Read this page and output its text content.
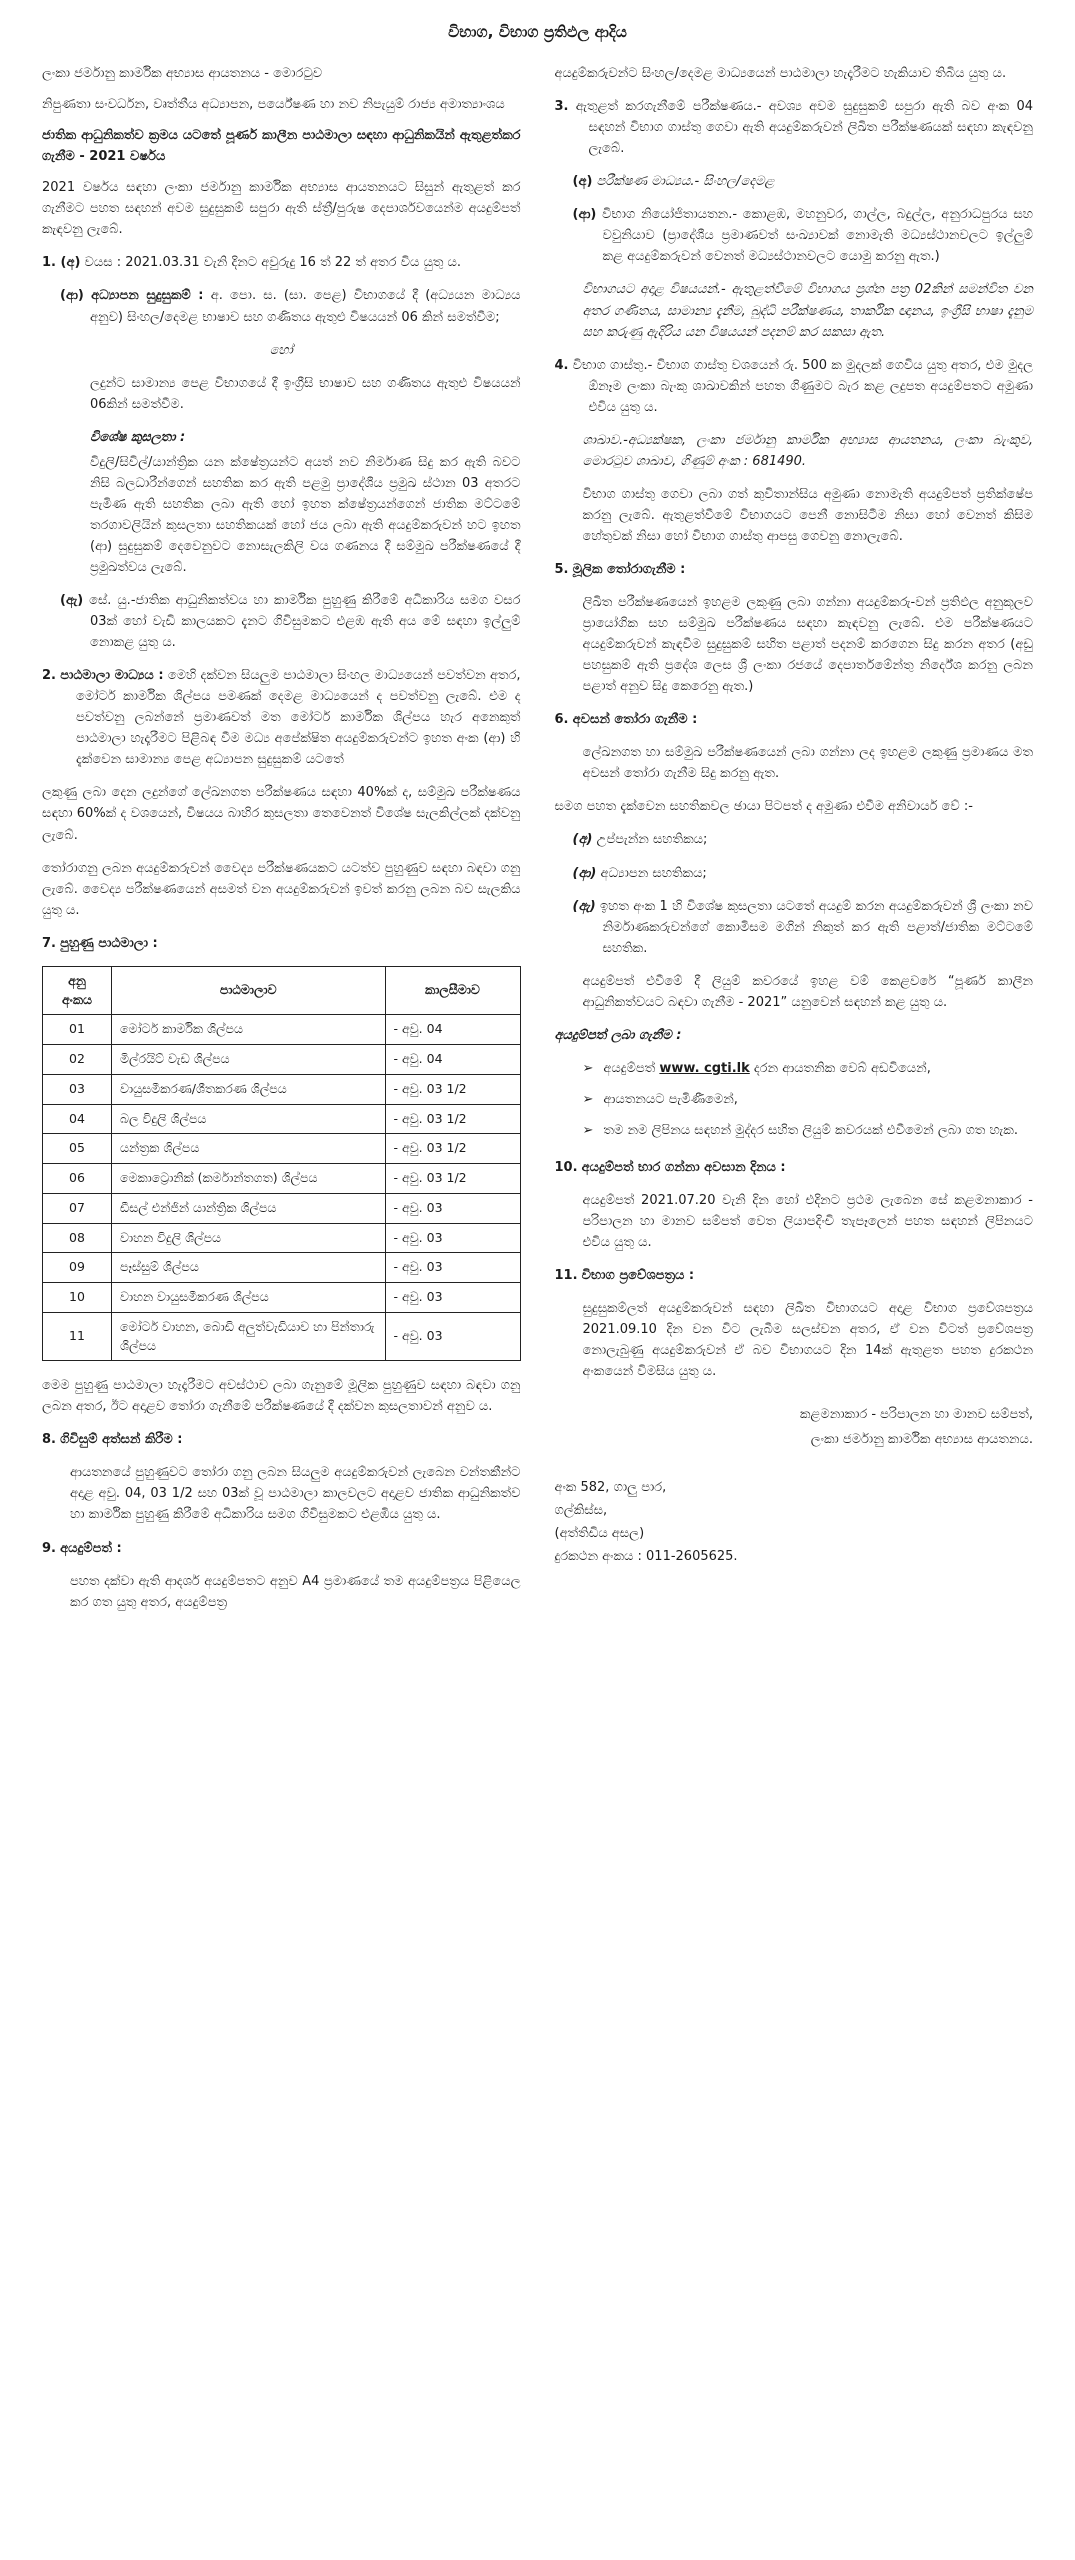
විභාග, විභාග ප්‍රතිඵල ආදිය

ලංකා ජර්මානු කාර්මික අභ්‍යාස ආයතනය - මොරටුව

නිපුණතා සංවර්ධන, වෘත්තීය අධ්‍යාපන, පර්යේෂණ හා නව නිපැයුම් රාජ්‍ය අමාත්‍යාංශය

ජාතික ආධුනිකත්ව ක්‍රමය යටතේ පූර්ණ කාලීන පාඨමාලා සඳහා ආධුනිකයින් ඇතුළත්කර ගැනීම - 2021 වර්ෂය

2021 වර්ෂය සඳහා ලංකා ජර්මානු කාර්මික අභ්‍යාස ආයතනයට සිසුන් ඇතුළත් කර ගැනීමට පහත සඳහන් අවම සුදුසුකම් සපුරා ඇති ස්ත්‍රී/පුරුෂ දෙපාර්ශවයෙන්ම අයදුම්පත් කැඳවනු ලැබේ.

1. (අ) වයස : 2021.03.31 වැනි දිනට අවුරුදු 16 ත් 22 ත් අතර විය යුතු ය.
(ආ) අධ්‍යාපන සුදුසුකම් : අ. පො. ස. (සා. පෙළ) විභාගයේ දී (අධ්‍යයන මාධ්‍යය අනුව) සිංහල/දෙමළ භාෂාව සහ ගණිතය ඇතුළු විෂයයන් 06 කින් සමත්වීම;

හෝ

ලදුන්ට සාමාන්‍ය පෙළ විභාගයේ දී ඉංග්‍රීසි භාෂාව සහ ගණිතය ඇතුළු විෂයයන් 06කින් සමත්වීම.

විශේෂ කුසලතා :

විදුලි/සිවිල්/යාන්ත්‍රික යන ක්ෂේත්‍රයන්ට අයත් නව නිර්මාණ සිදු කර ඇති බවට නිසි බලධාරීන්ගෙන් සහතික කර ඇති පළමු ප්‍රාදේශීය ප්‍රමුඛ ස්ථාන 03 අතරට පැමිණ ඇති සහතික ලබා ඇති හෝ ඉහත ක්ෂේත්‍රයන්ගෙන් ජාතික මට්ටමේ තරගාවලියින් කුසලතා සහතිකයක් හෝ ජය ලබා ඇති අයදුම්කරුවන් හට ඉහත (ආ) සුදුසුකම් දෙවෙනුවට නොසැලකිලි වය ගණනය දී සම්මුඛ පරීක්ෂණයේ දී ප්‍රමුඛත්වය ලැබේ.

(ඇ) සේ. යු.-ජාතික ආධුනිකත්වය හා කාර්මික පුහුණු කිරීමේ අධිකාරිය සමග වසර 03ක් හෝ වැඩි කාලයකට දැනට ගිවිසුමකට එළඹ ඇති අය මේ සඳහා ඉල්ලුම් නොකළ යුතු ය.
2. පාඨමාලා මාධ්‍යය : මෙහි දක්වන සියලුම පාඨමාලා සිංහල මාධ්‍යයෙන් පවත්වන අතර, මෝටර් කාර්මික ශිල්පය පමණක් දෙමළ මාධ්‍යයෙන් ද පවත්වනු ලැබේ. එම ද පවත්වනු ලබන්නේ ප්‍රමාණවත් මත මෝටර් කාර්මික ශිල්පය හැර අනෙකුත් පාඨමාලා හැදෑරීමට පිළිබඳ වීම මධ්‍ය අපේක්ෂිත අයදුම්කරුවන්ට ඉහත අංක (ආ) හි දැක්වෙන සාමාන්‍ය පෙළ අධ්‍යාපන සුදුසුකම් යටතේ

ලකුණු ලබා දෙන ලදුන්ගේ ලේඛනගත පරීක්ෂණය සඳහා 40%ක් ද, සම්මුඛ පරීක්ෂණය සඳහා 60%ක් ද වශයෙන්, විෂයය බාහිර කුසලතා තෙවෙනත් විශේෂ සැලකිල්ලක් දක්වනු ලැබේ.

තෝරාගනු ලබන අයදුම්කරුවන් වෛද්‍ය පරීක්ෂණයකට යටත්ව පුහුණුව සඳහා බඳවා ගනු ලැබේ. වෛද්‍ය පරීක්ෂණයෙන් අසමත් වන අයදුම්කරුවන් ඉවත් කරනු ලබන බව සැලකිය යුතු ය.

7. පුහුණු පාඨමාලා :
අනු අංකය	පාඨමාලාව	කාලසීමාව
01	මෝටර් කාර්මික ශිල්පය	- අවු. 04
02	මිල්රයිට් වැඩ ශිල්පය	- අවු. 04
03	වායුසමීකරණ/ශීතකරණ ශිල්පය	- අවු. 03 1/2
04	බල විදුලි ශිල්පය	- අවු. 03 1/2
05	යන්ත්‍රක ශිල්පය	- අවු. 03 1/2
06	මෙකාට්‍රොනික් (කර්මාන්තගත) ශිල්පය	- අවු. 03 1/2
07	ඩීසල් එන්ජින් යාන්ත්‍රික ශිල්පය	- අවු. 03
08	වාහන විදුලි ශිල්පය	- අවු. 03
09	පෑස්සුම් ශිල්පය	- අවු. 03
10	වාහන වායුසමීකරණ ශිල්පය	- අවු. 03
11	මෝටර් වාහන, බොඩි අලුත්වැඩියාව හා පින්තාරු ශිල්පය	- අවු. 03

මෙම පුහුණු පාඨමාලා හැදෑරීමට අවස්ථාව ලබා ගැනුමේ මූලික පුහුණුව සඳහා බඳවා ගනු ලබන අතර, ඊට අදාළව තෝරා ගැනීමේ පරීක්ෂණයේ දී දක්වන කුසලතාවන් අනුව ය.

8. ගිවිසුම් අත්සන් කිරීම :

ආයතනයේ පුහුණුවට තෝරා ගනු ලබන සියලුම අයදුම්කරුවන් ලැබෙන වන්තකීන්ට අදාළ අවු. 04, 03 1/2 සහ 03ක් වූ පාඨමාලා කාලවලට අදාළව ජාතික ආධුනිකත්ව හා කාර්මික පුහුණු කිරීමේ අධිකාරිය සමග ගිවිසුමකට එළඹිය යුතු ය.

9. අයදුම්පත් :

පහත දක්වා ඇති ආදර්ශ අයදුම්පතට අනුව A4 ප්‍රමාණයේ තම අයදුම්පත්‍රය පිළියෙල කර ගත යුතු අතර, අයදුම්පත්‍ර

අයදුම්කරුවන්ට සිංහල/දෙමළ මාධ්‍යයෙන් පාඨමාලා හැදෑරීමට හැකියාව තිබිය යුතු ය.

3. ඇතුළත් කරගැනීමේ පරීක්ෂණය.- අවශ්‍ය අවම සුදුසුකම් සපුරා ඇති බව අංක 04 සඳහන් විභාග ගාස්තු ගෙවා ඇති අයදුම්කරුවන් ලිඛිත පරීක්ෂණයක් සඳහා කැඳවනු ලැබේ.
(අ) පරීක්ෂණ මාධ්‍යය.- සිංහල/දෙමළ
(ආ) විභාග නියෝජිතායතන.- කොළඹ, මහනුවර, ගාල්ල, බදුල්ල, අනුරාධපුරය සහ වවුනියාව (ප්‍රාදේශීය ප්‍රමාණවත් සංඛ්‍යාවක් නොමැති මධ්‍යස්ථානවලට ඉල්ලුම් කළ අයදුම්කරුවන් වෙනත් මධ්‍යස්ථානවලට යොමු කරනු ඇත.)

විභාගයට අදාළ විෂයයන්.- ඇතුළත්වීමේ විභාගය ප්‍රශ්න පත්‍ර 02කින් සමන්විත වන අතර ගණිතය, සාමාන්‍ය දැනීම, බුද්ධි පරීක්ෂණය, තාර්කික ඥානය, ඉංග්‍රීසි භාෂා දැනුම සහ කරුණු ඇදිරිය යන විෂයයන් පදනම් කර සකසා ඇත.

4. විභාග ගාස්තු.- විභාග ගාස්තු වශයෙන් රු. 500 ක මුදලක් ගෙවිය යුතු අතර, එම මුදල ඕනෑම ලංකා බැංකු ශාඛාවකින් පහත ගිණුමට බැර කළ ලදුපත අයදුම්පතට අමුණා එවිය යුතු ය.

ශාඛාව.-අධ්‍යක්ෂක, ලංකා ජර්මානු කාර්මික අභ්‍යාස ආයතනය, ලංකා බැංකුව, මොරටුව ශාඛාව, ගිණුම් අංක : 681490.

විභාග ගාස්තු ගෙවා ලබා ගත් කුවිතාන්සිය අමුණා නොමැති අයදුම්පත් ප්‍රතික්ෂේප කරනු ලැබේ. ඇතුළත්වීමේ විභාගයට පෙනී නොසිටීම නිසා හෝ වෙනත් කිසිම හේතුවක් නිසා හෝ විභාග ගාස්තු ආපසු ගෙවනු නොලැබේ.

5. මූලික තෝරාගැනීම :

ලිඛිත පරීක්ෂණයෙන් ඉහළම ලකුණු ලබා ගන්නා අයදුම්කරු-වන් ප්‍රතිඵල අනුකූලව ප්‍රායෝගික සහ සම්මුඛ පරීක්ෂණය සඳහා කැඳවනු ලැබේ. එම පරීක්ෂණයට අයදුම්කරුවන් කැඳවීම සුදුසුකම් සහිත පළාත් පදනම් කරගෙන සිදු කරන අතර (අඩු පහසුකම් ඇති ප්‍රදේශ ලෙස ශ්‍රී ලංකා රජයේ දෙපාර්තමේන්තු නිර්දේශ කරනු ලබන පළාත් අනුව සිදු කෙරෙනු ඇත.)

6. අවසන් තෝරා ගැනීම :

ලේඛනගත හා සම්මුඛ පරීක්ෂණයෙන් ලබා ගන්නා ලද ඉහළම ලකුණු ප්‍රමාණය මත අවසන් තෝරා ගැනීම සිදු කරනු ඇත.

සමග පහත දැක්වෙන සහතිකවල ඡායා පිටපත් ද අමුණා එවීම අනිවාර්ය වේ :-

(අ) උප්පැන්න සහතිකය;
(ආ) අධ්‍යාපන සහතිකය;
(ඇ) ඉහත අංක 1 හි විශේෂ කුසලතා යටතේ අයදුම් කරන අයදුම්කරුවන් ශ්‍රී ලංකා නව නිර්මාණකරුවන්ගේ කොමිසම මගින් නිකුත් කර ඇති පළාත්/ජාතික මට්ටමේ සහතික.

අයදුම්පත් එවීමේ දී ලියුම් කවරයේ ඉහළ වම් කෙළවරේ “පූර්ණ කාලීන ආධුනිකත්වයට බඳවා ගැනීම - 2021” යනුවෙන් සඳහන් කළ යුතු ය.

අයදුම්පත් ලබා ගැනීම :

➢ අයදුම්පත් www. cgti.lk දරන ආයතනික වෙබ් අඩවියෙන්,
➢ ආයතනයට පැමිණීමෙන්,
➢ තම නම ලිපිනය සඳහන් මුද්දර සහිත ලියුම් කවරයක් එවීමෙන් ලබා ගත හැක.
10. අයදුම්පත් භාර ගන්නා අවසාන දිනය :

අයදුම්පත් 2021.07.20 වැනි දින හෝ එදිනට ප්‍රථම ලැබෙන සේ කළමනාකාර - පරිපාලන හා මානව සම්පත් වෙත ලියාපදිංචි තැපෑලෙන් පහත සඳහන් ලිපිනයට එවිය යුතු ය.

11. විභාග ප්‍රවේශපත්‍රය :

සුදුසුකම්ලත් අයදුම්කරුවන් සඳහා ලිඛිත විභාගයට අදාළ විභාග ප්‍රවේශපත්‍රය 2021.09.10 දින වන විට ලැබීම සලස්වන අතර, ඒ වන විටත් ප්‍රවේශපත්‍ර නොලැබුණු අයදුම්කරුවන් ඒ බව විභාගයට දින 14ක් ඇතුළත පහත දුරකථන අංකයෙන් විමසිය යුතු ය.

කළමනාකාර - පරිපාලන හා මානව සම්පත්,

ලංකා ජර්මානු කාර්මික අභ්‍යාස ආයතනය.

අංක 582, ගාලු පාර,

ගල්කිස්ස,

(අත්තිඩිය අසල)

දුරකථන අංකය : 011-2605625.
